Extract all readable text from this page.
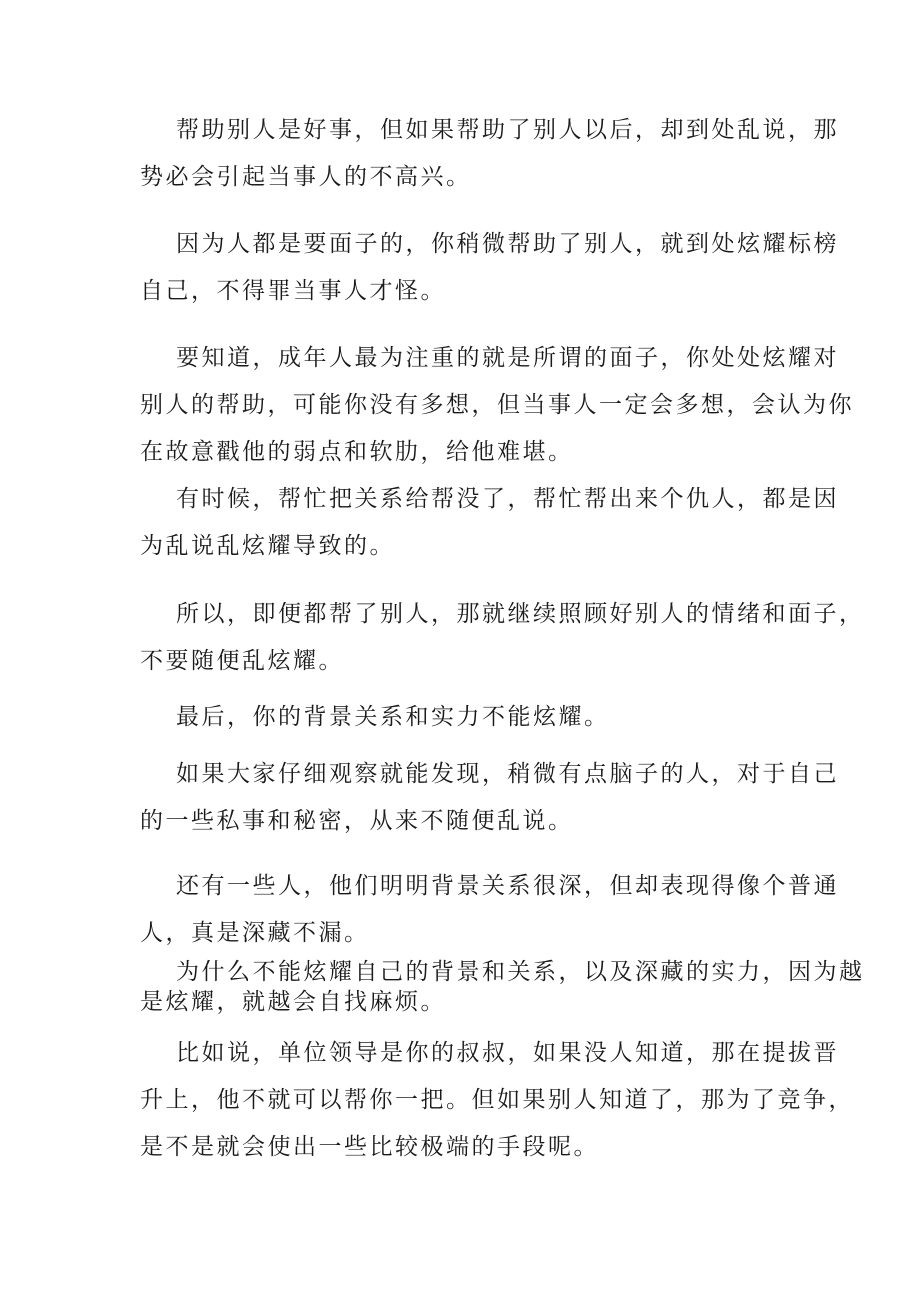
帮助别人是好事，但如果帮助了别人以后，却到处乱说，那
势必会引起当事人的不高兴。

因为人都是要面子的，你稍微帮助了别人，就到处炫耀标榜
自己，不得罪当事人才怪。

要知道，成年人最为注重的就是所谓的面子，你处处炫耀对
别人的帮助，可能你没有多想，但当事人一定会多想，会认为你
在故意戳他的弱点和软肋，给他难堪。

有时候，帮忙把关系给帮没了，帮忙帮出来个仇人，都是因
为乱说乱炫耀导致的。

所以，即便都帮了别人，那就继续照顾好别人的情绪和面子，
不要随便乱炫耀。

最后，你的背景关系和实力不能炫耀。

如果大家仔细观察就能发现，稍微有点脑子的人，对于自己
的一些私事和秘密，从来不随便乱说。

还有一些人，他们明明背景关系很深，但却表现得像个普通
人，真是深藏不漏。

为什么不能炫耀自己的背景和关系，以及深藏的实力，因为越
是炫耀，就越会自找麻烦。

比如说，单位领导是你的叔叔，如果没人知道，那在提拔晋
升上，他不就可以帮你一把。但如果别人知道了，那为了竞争，
是不是就会使出一些比较极端的手段呢。
